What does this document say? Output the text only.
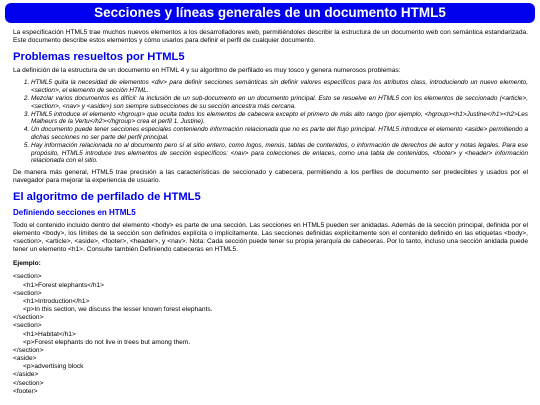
Secciones y líneas generales de un documento HTML5

La especificación HTML5 trae muchos nuevos elementos a los desarrolladores web, permitiéndoles describir la estructura de un documento web con semántica estandarizada. Este documento describe estos elementos y cómo usarlos para definir el perfil de cualquier documento.

Problemas resueltos por HTML5

La definición de la estructura de un documento en HTML 4 y su algoritmo de perfilado es muy tosco y genera numerosos problemas:

1. HTML5 quita la necesidad de elementos <div> para definir secciones semánticas sin definir valores específicos para los atributos class, introduciendo un nuevo elemento, <section>, el elemento de sección HTML.
2. Mezclar varios documentos es difícil: la inclusión de un sub-documento en un documento principal. Esto se resuelve en HTML5 con los elementos de seccionado (<article>, <section>, <nav> y <aside>) son siempre subsecciones de su sección ancestra más cercana.
3. HTML5 introduce el elemento <hgroup> que oculta todos los elementos de cabecera excepto el primero de más alto rango (por ejemplo, <hgroup><h1>Justine</h1><h2>Les Malheurs de la Vertu</h2></hgroup> crea el perfil 1. Justine).
4. Un documento puede tener secciones especiales conteniendo información relacionada que no es parte del flujo principal. HTML5 introduce el elemento <aside> permitiendo a dichas secciones no ser parte del perfil principal.
5. Hay información relacionada no al documento pero sí al sitio entero, como logos, menús, tablas de contenidos, o información de derechos de autor y notas legales. Para ese propósito, HTML5 introduce tres elementos de sección específicos: <nav> para colecciones de enlaces, como una tabla de contenidos, <footer> y <header> información relacionada con el sitio.

De manera más general, HTML5 trae precisión a las características de seccionado y cabecera, permitiendo a los perfiles de documento ser predecibles y usados por el navegador para mejorar la experiencia de usuario.

El algoritmo de perfilado de HTML5
Definiendo secciones en HTML5

Todo el contenido incluido dentro del elemento <body> es parte de una sección. Las secciones en HTML5 pueden ser anidadas. Además de la sección principal, definida por el elemento <body>, los límites de la sección son definidos explícita o implícitamente. Las secciones definidas explícitamente son el contenido definido en las etiquetas <body>, <section>, <article>, <aside>, <footer>, <header>, y <nav>. Nota: Cada sección puede tener su propia jerarquía de cabeceras. Por lo tanto, incluso una sección anidada puede tener un elemento <h1>. Consulte también Definiendo cabeceras en HTML5.

Ejemplo:

<section>
<h1>Forest elephants</h1>
<section>
<h1>Introduction</h1>
<p>In this section, we discuss the lesser known forest elephants.
</section>
<section>
<h1>Habitat</h1>
<p>Forest elephants do not live in trees but among them.
</section>
<aside>
<p>advertising block
</aside>
</section>
<footer>
